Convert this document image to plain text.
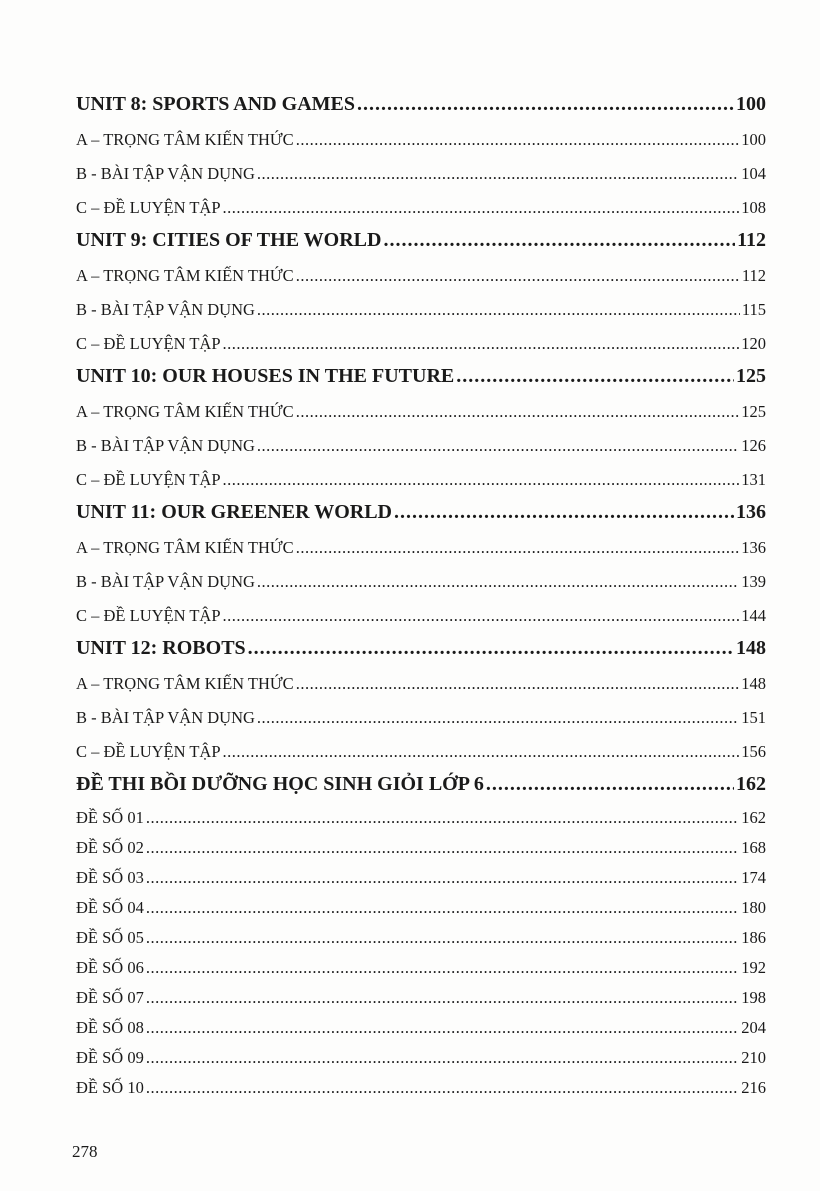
UNIT 8: SPORTS AND GAMES .....	100
A – TRỌNG TÂM KIẾN THỨC .....	100
B - BÀI TẬP VẬN DỤNG .....	104
C – ĐỀ LUYỆN TẬP .....	108
UNIT 9: CITIES OF THE WORLD .....	112
A – TRỌNG TÂM KIẾN THỨC .....	112
B - BÀI TẬP VẬN DỤNG .....	115
C – ĐỀ LUYỆN TẬP .....	120
UNIT 10: OUR HOUSES IN THE FUTURE .....	125
A – TRỌNG TÂM KIẾN THỨC .....	125
B - BÀI TẬP VẬN DỤNG .....	126
C – ĐỀ LUYỆN TẬP .....	131
UNIT 11: OUR GREENER WORLD .....	136
A – TRỌNG TÂM KIẾN THỨC .....	136
B - BÀI TẬP VẬN DỤNG .....	139
C – ĐỀ LUYỆN TẬP .....	144
UNIT 12: ROBOTS .....	148
A – TRỌNG TÂM KIẾN THỨC .....	148
B - BÀI TẬP VẬN DỤNG .....	151
C – ĐỀ LUYỆN TẬP .....	156
ĐỀ THI BỒI DƯỠNG HỌC SINH GIỎI LỚP 6 .....	162
ĐỀ SỐ 01 .....	162
ĐỀ SỐ 02 .....	168
ĐỀ SỐ 03 .....	174
ĐỀ SỐ 04 .....	180
ĐỀ SỐ 05 .....	186
ĐỀ SỐ 06 .....	192
ĐỀ SỐ 07 .....	198
ĐỀ SỐ 08 .....	204
ĐỀ SỐ 09 .....	210
ĐỀ SỐ 10 .....	216
278
